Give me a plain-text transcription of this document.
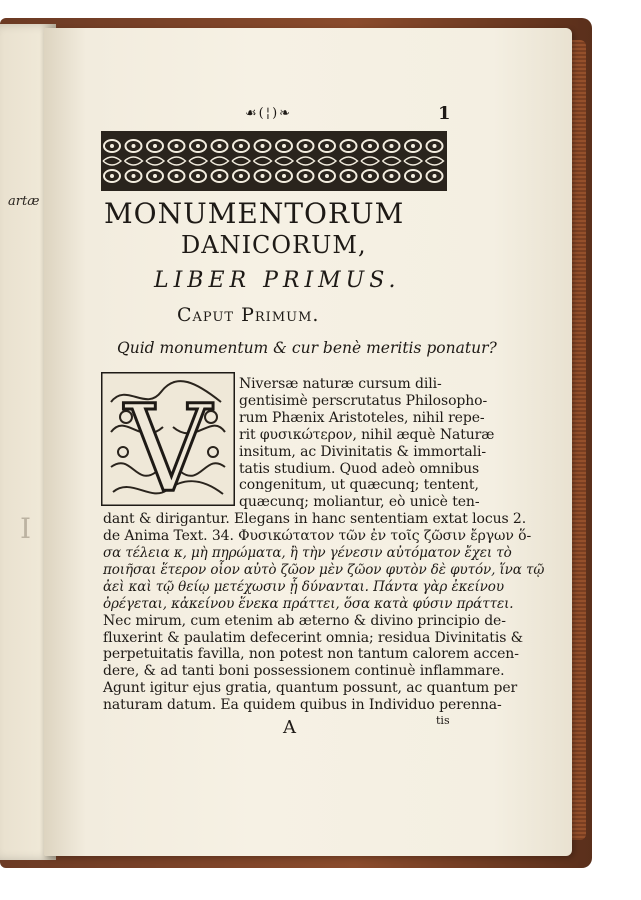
artæ
I
☙(¦)❧	1
MONUMENTORUM
DANICORUM,
LIBER PRIMUS.
Caput Primum.
Quid monumentum & cur benè meritis ponatur?
V Niversæ naturæ cursum dili-
gentisimè perscrutatus Philosopho-
rum Phænix Aristoteles, nihil repe-
rit φυσικώτερον, nihil æquè Naturæ
insitum, ac Divinitatis & immortali-
tatis studium. Quod adeò omnibus
congenitum, ut quæcunq; tentent,
quæcunq; moliantur, eò unicè ten-
dant & dirigantur. Elegans in hanc sententiam extat locus 2.
de Anima Text. 34. Φυσικώτατον τῶν ἐν τοῖς ζῶσιν ἔργων ὅ-
σα τέλεια κ, μὴ πηρώματα, ἢ τὴν γένεσιν αὐτόματον ἔχει τὸ
ποιῆσαι ἕτερον οἷον αὐτὸ ζῶον μὲν ζῶον φυτὸν δὲ φυτόν, ἵνα τῷ
ἀεὶ καὶ τῷ θείῳ μετέχωσιν ᾗ δύνανται. Πάντα γὰρ ἐκείνου
ὀρέγεται, κἀκείνου ἕνεκα πράττει, ὅσα κατὰ φύσιν πράττει.
Nec mirum, cum etenim ab æterno & divino principio de-
fluxerint & paulatim defecerint omnia; residua Divinitatis &
perpetuitatis favilla, non potest non tantum calorem accen-
dere, & ad tanti boni possessionem continuè inflammare.
Agunt igitur ejus gratia, quantum possunt, ac quantum per
naturam datum. Ea quidem quibus in Individuo perenna-
A	tis
